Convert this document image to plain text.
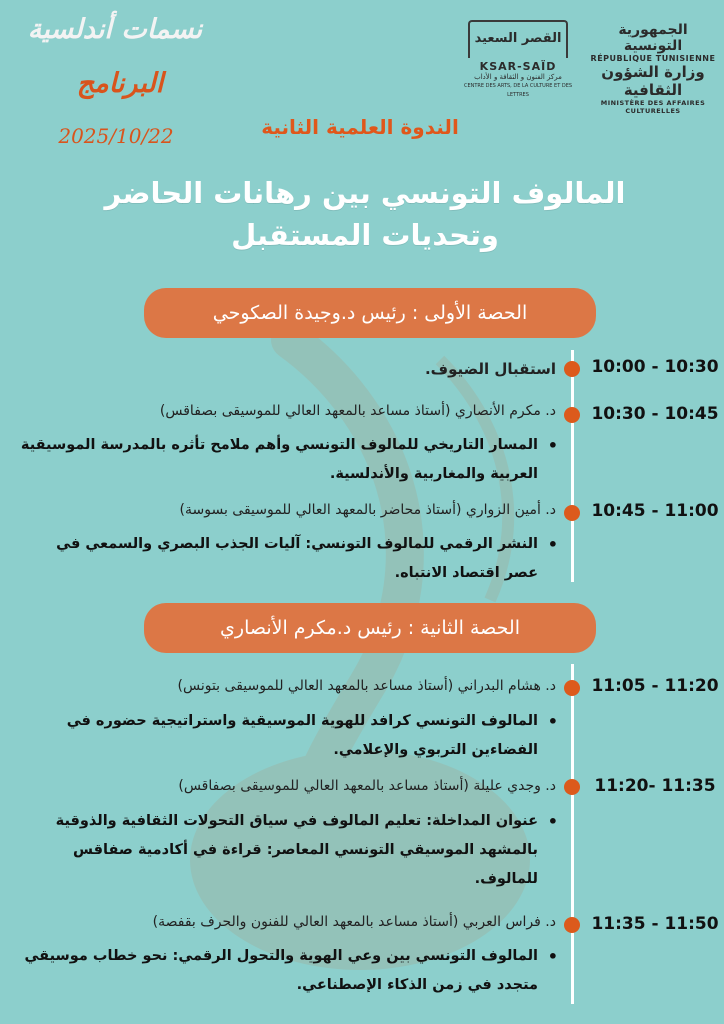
القصر السعيد
KSAR-SAÏD
مركز الفنون و الثقافة و الأداب
CENTRE DES ARTS, DE LA CULTURE ET DES LETTRES
الجمهورية التونسية
RÉPUBLIQUE TUNISIENNE
وزارة الشؤون الثقافية
MINISTÈRE DES AFFAIRES CULTURELLES
نسمات أندلسية
البرنامج
2025/10/22	الندوة العلمية الثانية
المالوف التونسي بين رهانات الحاضر
وتحديات المستقبل
الحصة الأولى : رئيس د.وجيدة الصكوحي
10:00 - 10:30
استقبال الضيوف.
10:30 - 10:45
د. مكرم الأنصاري (أستاذ مساعد بالمعهد العالي للموسيقى بصفاقس)
•
المسار التاريخي للمالوف التونسي وأهم ملامح تأثره بالمدرسة الموسيقية
العربية والمغاربية والأندلسية.
10:45 - 11:00
د. أمين الزواري (أستاذ محاضر بالمعهد العالي للموسيقى بسوسة)
•
النشر الرقمي للمالوف التونسي: آليات الجذب البصري والسمعي في
عصر اقتصاد الانتباه.
الحصة الثانية : رئيس د.مكرم الأنصاري
11:05 - 11:20
د. هشام البدراني (أستاذ مساعد بالمعهد العالي للموسيقى بتونس)
•
المالوف التونسي كرافد للهوية الموسيقية واستراتيجية حضوره في
الفضاءين التربوي والإعلامي.
11:20- 11:35
د. وجدي عليلة (أستاذ مساعد بالمعهد العالي للموسيقى بصفاقس)
•
عنوان المداخلة: تعليم المالوف في سياق التحولات الثقافية والذوقية
بالمشهد الموسيقي التونسي المعاصر: قراءة في أكادمية صفاقس
للمالوف.
11:35 - 11:50
د. فراس العربي (أستاذ مساعد بالمعهد العالي للفنون والحرف بقفصة)
•
المالوف التونسي بين وعي الهوية والتحول الرقمي: نحو خطاب موسيقي
متجدد في زمن الذكاء الإصطناعي.
